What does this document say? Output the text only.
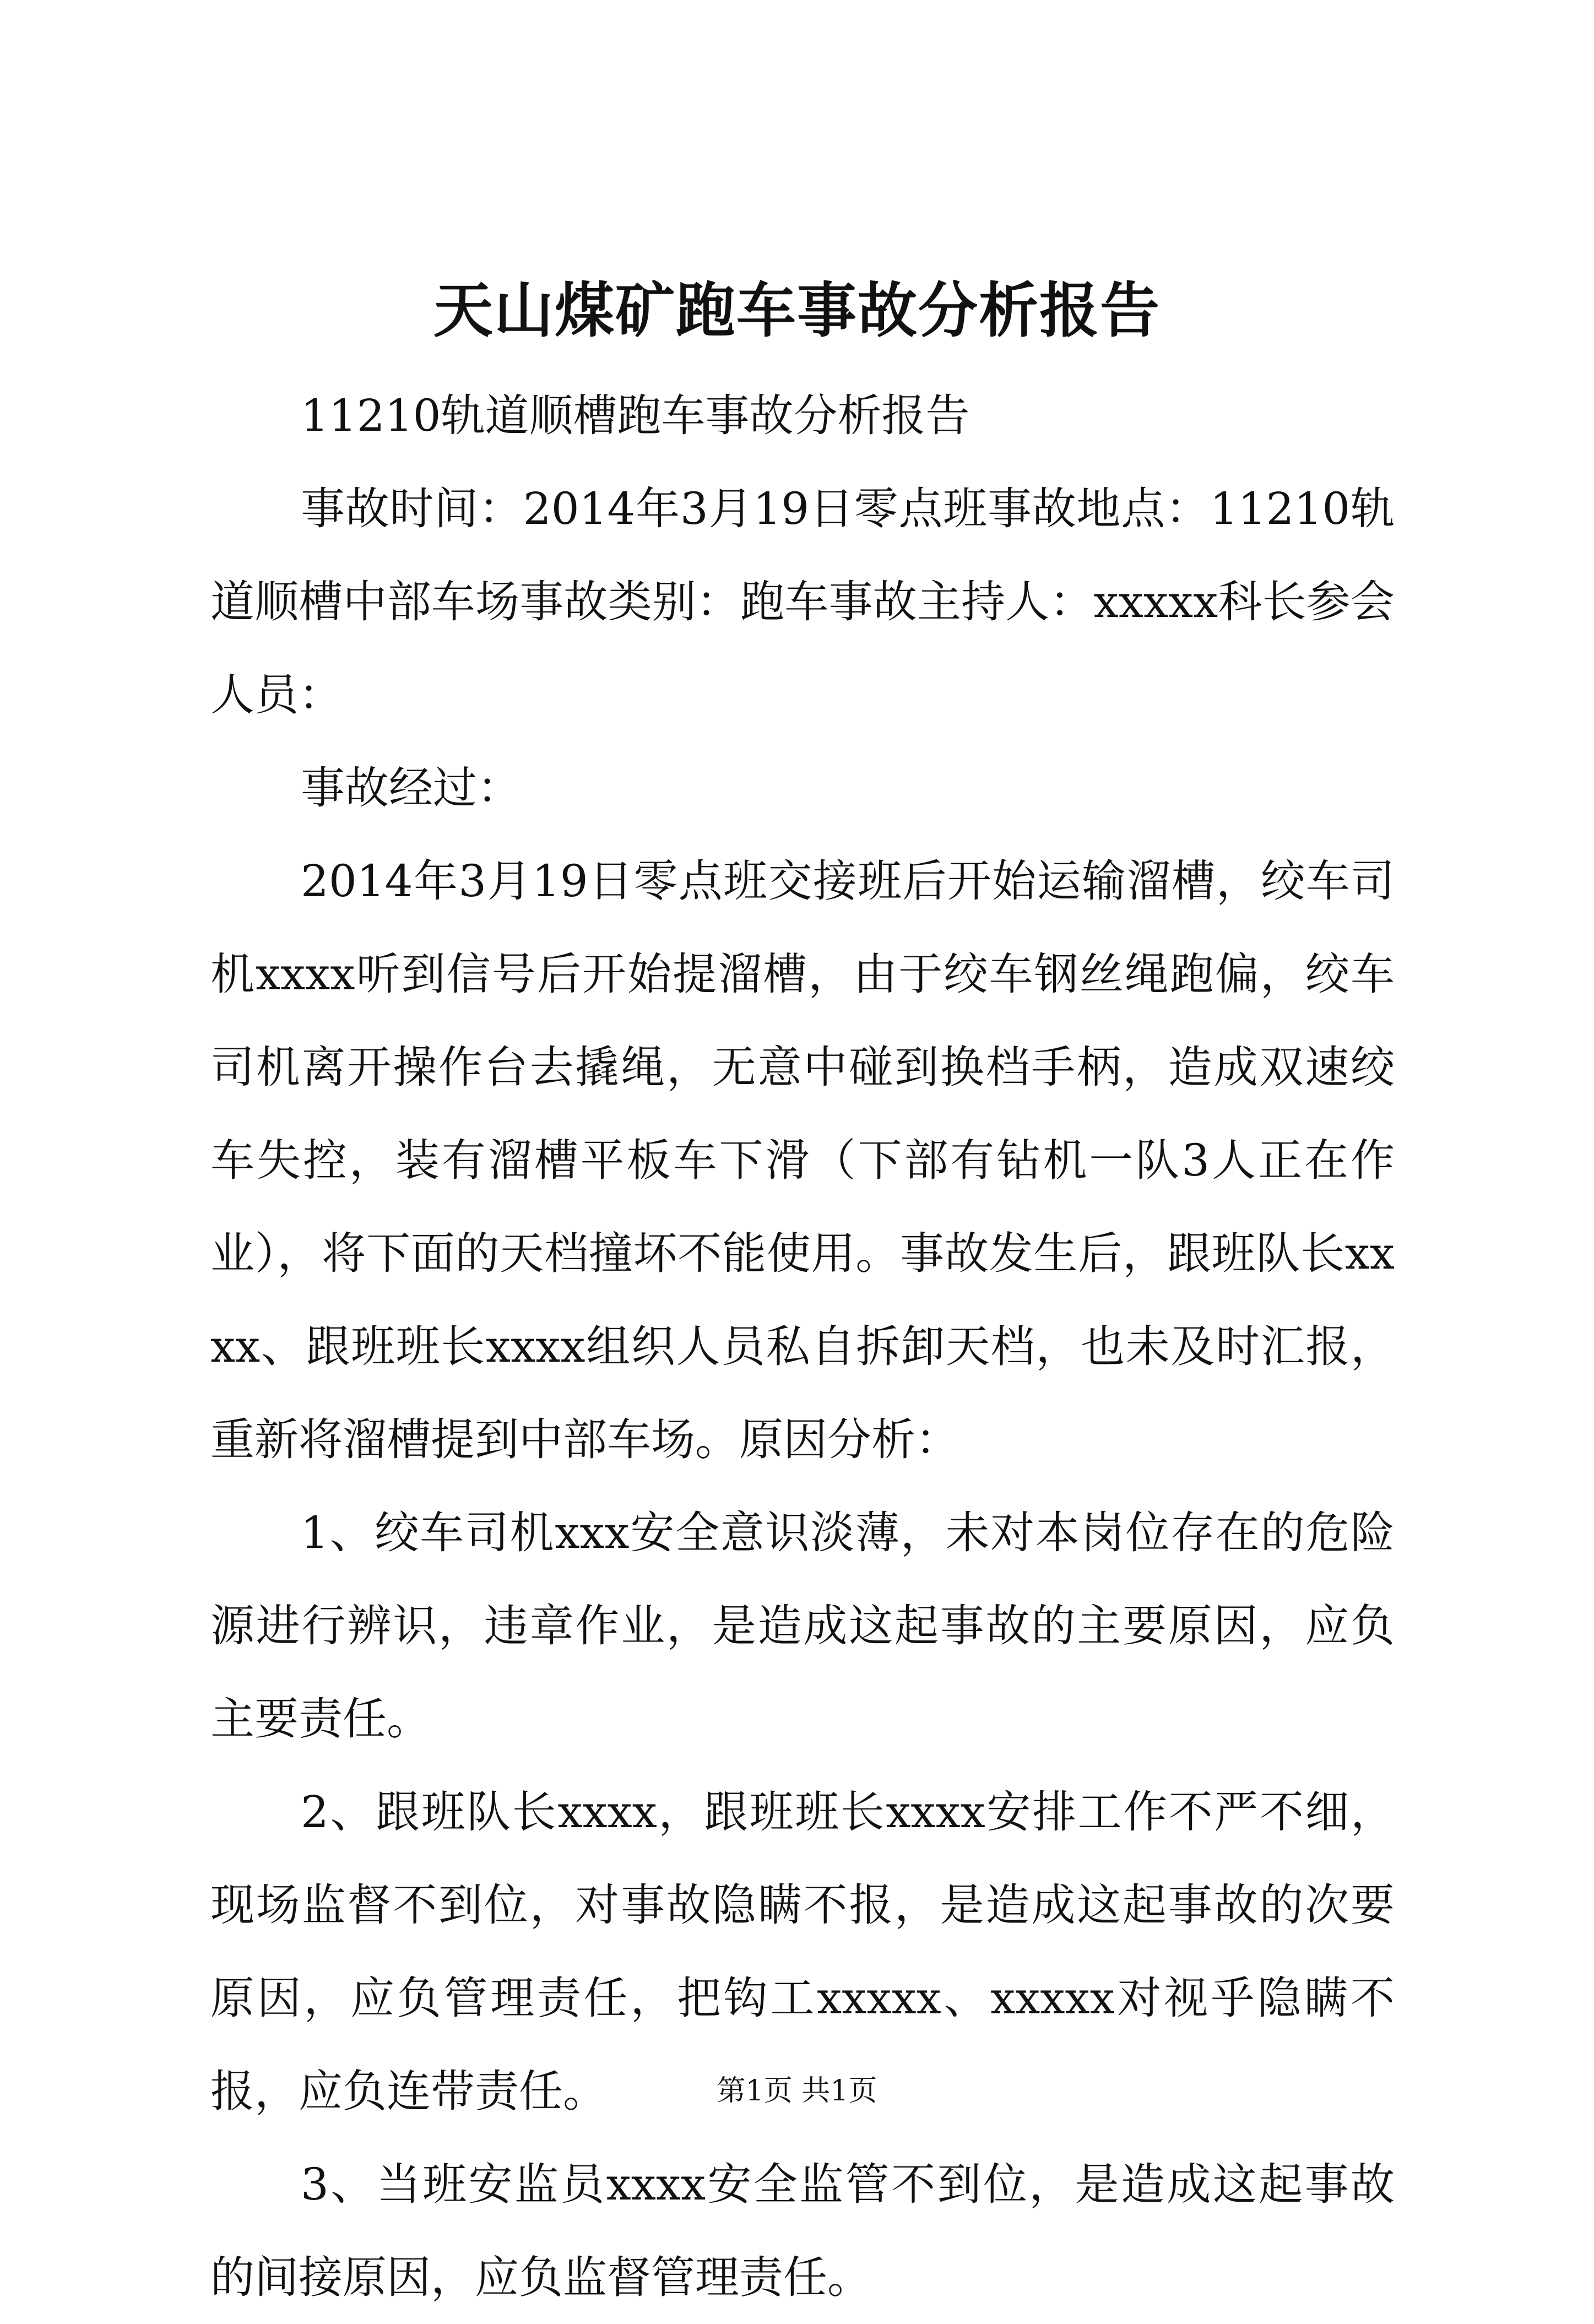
天山煤矿跑车事故分析报告

11210轨道顺槽跑车事故分析报告

事故时间：2014年3月19日零点班事故地点：11210轨道顺槽中部车场事故类别：跑车事故主持人：xxxxx科长参会人员：

事故经过：

2014年3月19日零点班交接班后开始运输溜槽，绞车司机xxxx听到信号后开始提溜槽，由于绞车钢丝绳跑偏，绞车司机离开操作台去撬绳，无意中碰到换档手柄，造成双速绞车失控，装有溜槽平板车下滑（下部有钻机一队3人正在作业），将下面的天档撞坏不能使用。事故发生后，跟班队长xxxx、跟班班长xxxx组织人员私自拆卸天档，也未及时汇报，重新将溜槽提到中部车场。原因分析：

1、绞车司机xxx安全意识淡薄，未对本岗位存在的危险源进行辨识，违章作业，是造成这起事故的主要原因，应负主要责任。

2、跟班队长xxxx，跟班班长xxxx安排工作不严不细，现场监督不到位，对事故隐瞒不报，是造成这起事故的次要原因，应负管理责任，把钩工xxxxx、xxxxx对视乎隐瞒不报，应负连带责任。

3、当班安监员xxxx安全监管不到位，是造成这起事故的间接原因，应负监督管理责任。

第1页 共1页
